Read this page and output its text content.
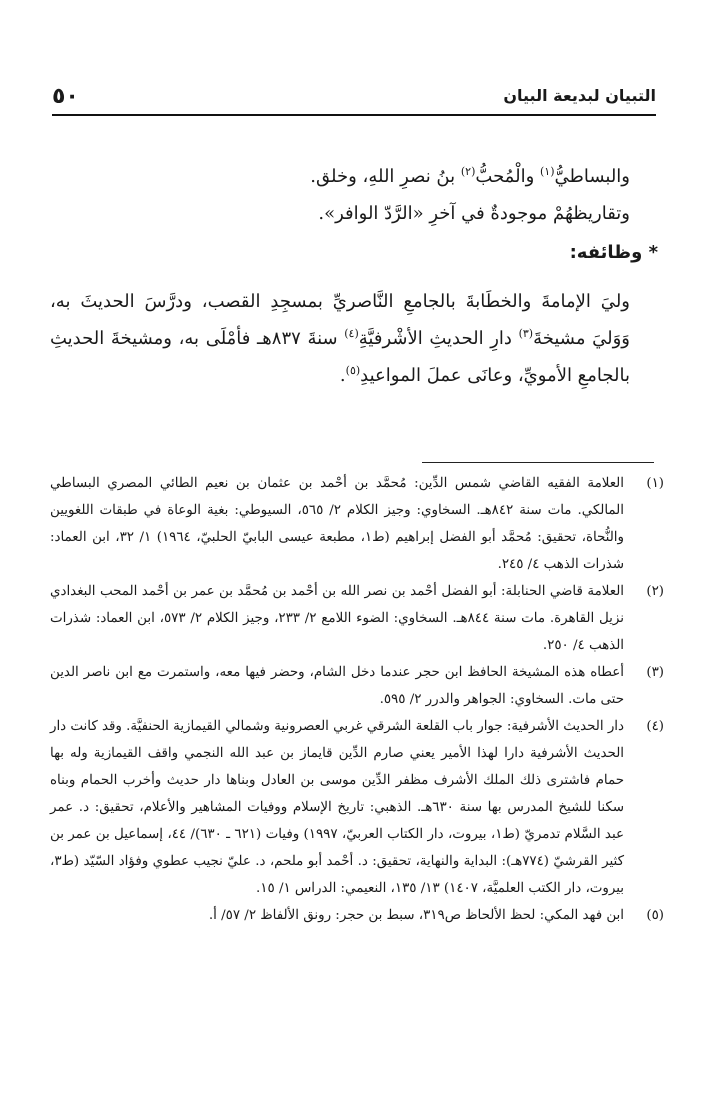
٥٠	التبيان لبديعة البيان

والبساطيُّ$^{(١)}$ والْمُحبُّ$^{(٢)}$ بنُ نصرِ اللهِ، وخلق.

وتقاريظهُمْ موجودةٌ في آخرِ «الرَّدّ الوافر».

* وظائفه:

وليَ الإمامةَ والخطَابةَ بالجامعِ النَّاصريِّ بمسجِدِ القصب، ودرَّسَ الحديثَ به، وَوَليَ مشيخةَ$^{(٣)}$ دارِ الحديثِ الأشْرفيَّةِ$^{(٤)}$ سنةَ ٨٣٧هـ فأمْلَى به، ومشيخةَ الحديثِ بالجامعِ الأمويِّ، وعانَى عملَ المواعيدِ$^{(٥)}$.

(١)
العلامة الفقيه القاضي شمس الدِّين: مُحمَّد بن أحْمد بن عثمان بن نعيم الطائي المصري البساطي المالكي. مات سنة ٨٤٢هـ. السخاوي: وجيز الكلام ٢/ ٥٦٥، السيوطي: بغية الوعاة في طبقات اللغويين والنُّحاة، تحقيق: مُحمَّد أبو الفضل إبراهيم (ط١، مطبعة عيسى البابيّ الحلبيّ، ١٩٦٤) ١/ ٣٢، ابن العماد: شذرات الذهب ٤/ ٢٤٥.
(٢)
العلامة قاضي الحنابلة: أبو الفضل أحْمد بن نصر الله بن أحْمد بن مُحمَّد بن عمر بن أحْمد المحب البغدادي نزيل القاهرة. مات سنة ٨٤٤هـ. السخاوي: الضوء اللامع ٢/ ٢٣٣، وجيز الكلام ٢/ ٥٧٣، ابن العماد: شذرات الذهب ٤/ ٢٥٠.
(٣)
أعطاه هذه المشيخة الحافظ ابن حجر عندما دخل الشام، وحضر فيها معه، واستمرت مع ابن ناصر الدين حتى مات. السخاوي: الجواهر والدرر ٢/ ٥٩٥.
(٤)
دار الحديث الأشرفية: جوار باب القلعة الشرقي غربي العصرونية وشمالي القيمازية الحنفيَّة. وقد كانت دار الحديث الأشرفية دارا لهذا الأمير يعني صارم الدِّين قايماز بن عبد الله النجمي واقف القيمازية وله بها حمام فاشترى ذلك الملك الأشرف مظفر الدِّين موسى بن العادل وبناها دار حديث وأخرب الحمام وبناه سكنا للشيخ المدرس بها سنة ٦٣٠هـ. الذهبي: تاريخ الإسلام ووفيات المشاهير والأعلام، تحقيق: د. عمر عبد السَّلام تدمريّ (ط١، بيروت، دار الكتاب العربيّ، ١٩٩٧) وفيات (٦٢١ ـ ٦٣٠)/ ٤٤، إسماعيل بن عمر بن كثير القرشيّ (٧٧٤هـ): البداية والنهاية، تحقيق: د. أحْمد أبو ملحم، د. عليّ نجيب عطوي وفؤاد السّيّد (ط٣، بيروت، دار الكتب العلميَّة، ١٤٠٧) ١٣/ ١٣٥، النعيمي: الدراس ١/ ١٥.
(٥)
ابن فهد المكي: لحظ الألحاظ ص٣١٩، سبط بن حجر: رونق الألفاظ ٢/ ٥٧/ أ.
